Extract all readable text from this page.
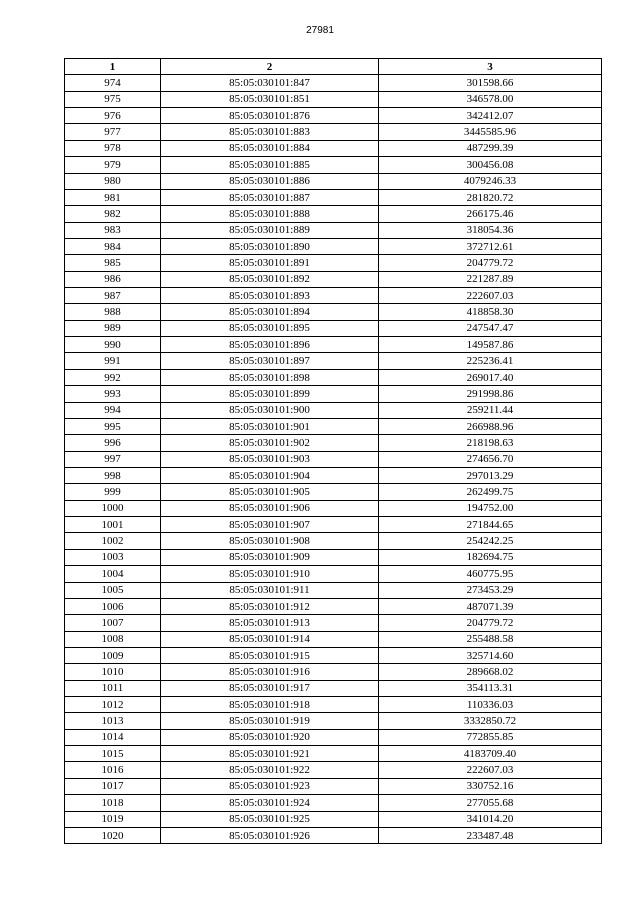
27981
1	2	3
974	85:05:030101:847	301598.66
975	85:05:030101:851	346578.00
976	85:05:030101:876	342412.07
977	85:05:030101:883	3445585.96
978	85:05:030101:884	487299.39
979	85:05:030101:885	300456.08
980	85:05:030101:886	4079246.33
981	85:05:030101:887	281820.72
982	85:05:030101:888	266175.46
983	85:05:030101:889	318054.36
984	85:05:030101:890	372712.61
985	85:05:030101:891	204779.72
986	85:05:030101:892	221287.89
987	85:05:030101:893	222607.03
988	85:05:030101:894	418858.30
989	85:05:030101:895	247547.47
990	85:05:030101:896	149587.86
991	85:05:030101:897	225236.41
992	85:05:030101:898	269017.40
993	85:05:030101:899	291998.86
994	85:05:030101:900	259211.44
995	85:05:030101:901	266988.96
996	85:05:030101:902	218198.63
997	85:05:030101:903	274656.70
998	85:05:030101:904	297013.29
999	85:05:030101:905	262499.75
1000	85:05:030101:906	194752.00
1001	85:05:030101:907	271844.65
1002	85:05:030101:908	254242.25
1003	85:05:030101:909	182694.75
1004	85:05:030101:910	460775.95
1005	85:05:030101:911	273453.29
1006	85:05:030101:912	487071.39
1007	85:05:030101:913	204779.72
1008	85:05:030101:914	255488.58
1009	85:05:030101:915	325714.60
1010	85:05:030101:916	289668.02
1011	85:05:030101:917	354113.31
1012	85:05:030101:918	110336.03
1013	85:05:030101:919	3332850.72
1014	85:05:030101:920	772855.85
1015	85:05:030101:921	4183709.40
1016	85:05:030101:922	222607.03
1017	85:05:030101:923	330752.16
1018	85:05:030101:924	277055.68
1019	85:05:030101:925	341014.20
1020	85:05:030101:926	233487.48
